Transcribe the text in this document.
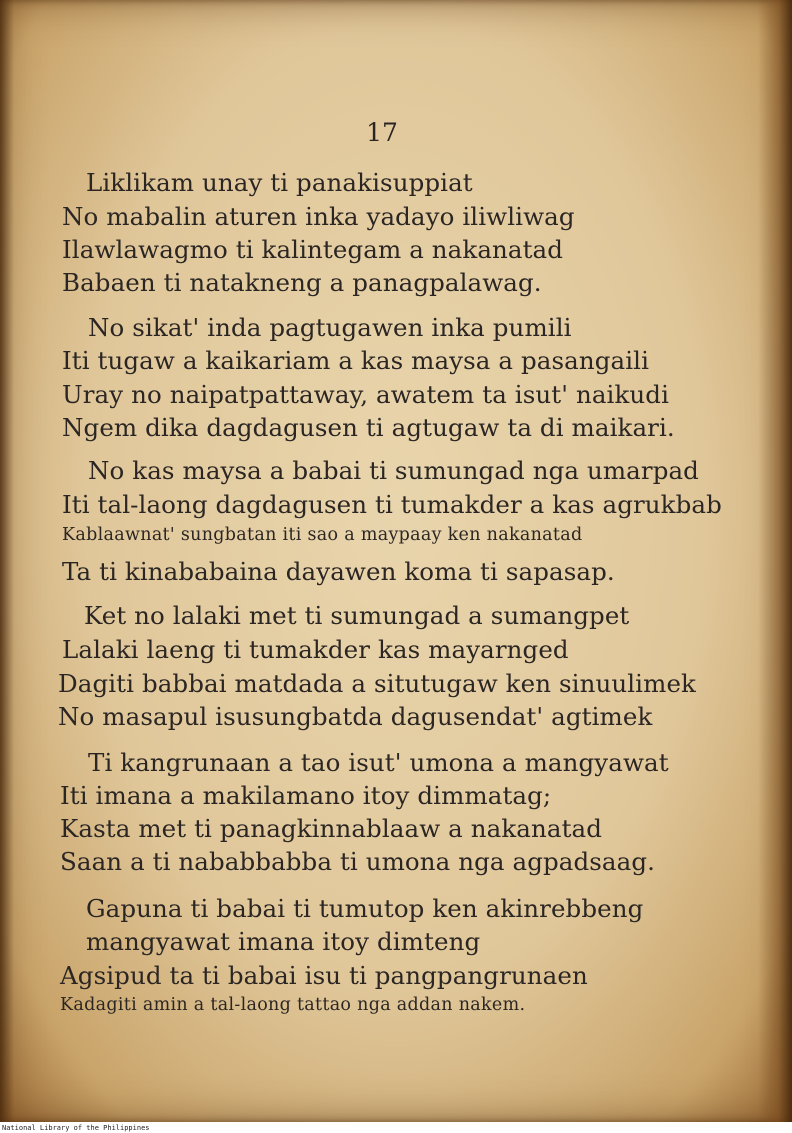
17
Liklikam unay ti panakisuppiat
No mabalin aturen inka yadayo iliwliwag
Ilawlawagmo ti kalintegam a nakanatad
Babaen ti natakneng a panagpalawag.
No sikat' inda pagtugawen inka pumili
Iti tugaw a kaikariam a kas maysa a pasangaili
Uray no naipatpattaway, awatem ta isut' naikudi
Ngem dika dagdagusen ti agtugaw ta di maikari.
No kas maysa a babai ti sumungad nga umarpad
Iti tal-laong dagdagusen ti tumakder a kas agrukbab
Kablaawnat' sungbatan iti sao a maypaay ken nakanatad
Ta ti kinababaina dayawen koma ti sapasap.
Ket no lalaki met ti sumungad a sumangpet
Lalaki laeng ti tumakder kas mayarnged
Dagiti babbai matdada a situtugaw ken sinuulimek
No masapul isusungbatda dagusendat' agtimek
Ti kangrunaan a tao isut' umona a mangyawat
Iti imana a makilamano itoy dimmatag;
Kasta met ti panagkinnablaaw a nakanatad
Saan a ti nababbabba ti umona nga agpadsaag.
Gapuna ti babai ti tumutop ken akinrebbeng
mangyawat imana itoy dimteng
Agsipud ta ti babai isu ti pangpangrunaen
Kadagiti amin a tal-laong tattao nga addan nakem.
National Library of the Philippines
